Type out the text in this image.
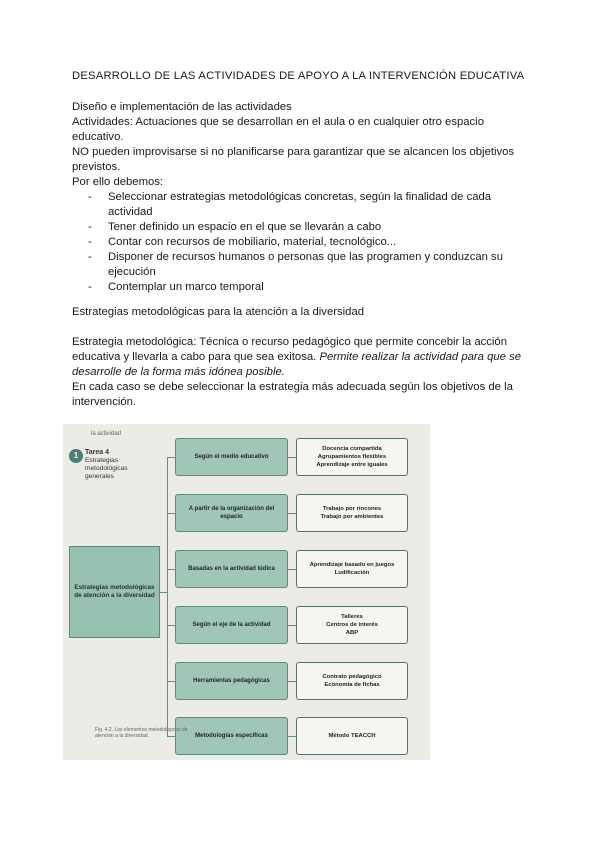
DESARROLLO DE LAS ACTIVIDADES DE APOYO A LA INTERVENCIÓN EDUCATIVA
Diseño e implementación de las actividades
Actividades: Actuaciones que se desarrollan en el aula o en cualquier otro espacio educativo.
NO pueden improvisarse si no planificarse para garantizar que se alcancen los objetivos previstos.
Por ello debemos:
- Seleccionar estrategias metodológicas concretas, según la finalidad de cada actividad
- Tener definido un espacio en el que se llevarán a cabo
- Contar con recursos de mobiliario, material, tecnológico...
- Disponer de recursos humanos o personas que las programen y conduzcan su ejecución
- Contemplar un marco temporal
Estrategias metodológicas para la atención a la diversidad
Estrategia metodológica: Técnica o recurso pedagógico que permite concebir la acción educativa y llevarla a cabo para que sea exitosa. Permite realizar la actividad para que se desarrolle de la forma más idónea posible.
En cada caso se debe seleccionar la estrategia más adecuada según los objetivos de la intervención.
la actividad
1 Tarea 4
Estrategias metodológicas generales
Estrategias metodológicas de atención a la diversidad
Según el medio educativo
Docencia compartida
Agrupamientos flexibles
Aprendizaje entre iguales
A partir de la organización del espacio
Trabajo por rincones
Trabajo por ambientes
Basadas en la actividad lúdica
Aprendizaje basado en juegos
Ludificación
Según el eje de la actividad
Talleres
Centros de interés
ABP
Herramientas pedagógicas
Contrato pedagógico
Economía de fichas
Metodologías específicas	Método TEACCH
Fig. 4.2. Los elementos metodológicos de atención a la diversidad.
